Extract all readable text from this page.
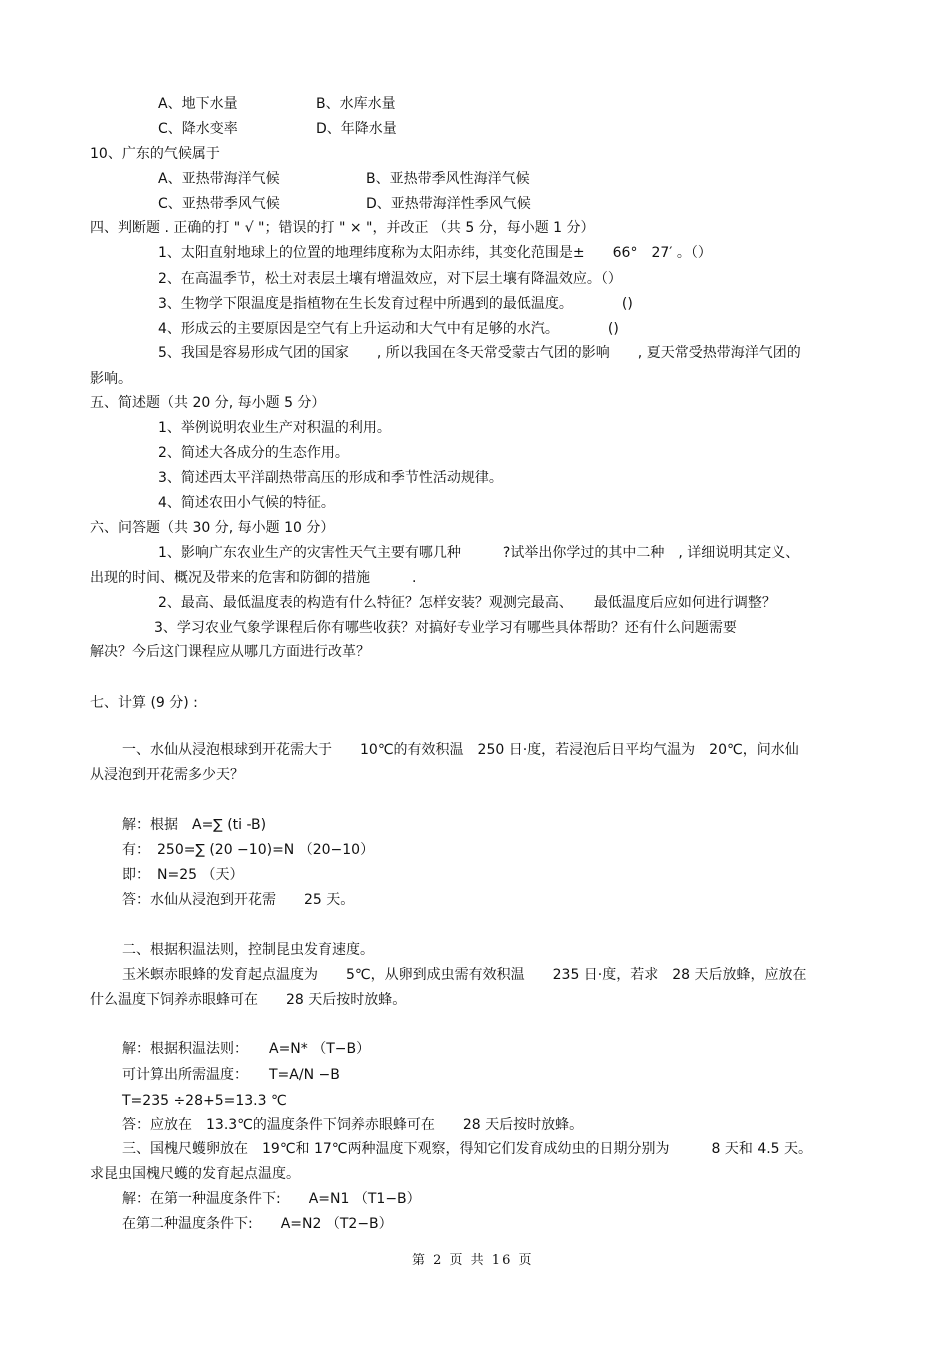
A、地下水量	B、水库水量
C、降水变率	D、年降水量
10、广东的气候属于
A、亚热带海洋气候	B、亚热带季风性海洋气候
C、亚热带季风气候	D、亚热带海洋性季风气候
四、判断题 . 正确的打 " √ "；错误的打 " × "，并改正 （共 5 分，每小题 1 分）
1、太阳直射地球上的位置的地理纬度称为太阳赤纬，其变化范围是±　　66°　27′ 。（）
2、在高温季节，松土对表层土壤有增温效应，对下层土壤有降温效应。（）
3、生物学下限温度是指植物在生长发育过程中所遇到的最低温度。　　　　()
4、形成云的主要原因是空气有上升运动和大气中有足够的水汽。　　　　()
5、我国是容易形成气团的国家　　, 所以我国在冬天常受蒙古气团的影响　　, 夏天常受热带海洋气团的
影响。
五、简述题（共 20 分, 每小题 5 分）
1、举例说明农业生产对积温的利用。
2、简述大各成分的生态作用。
3、简述西太平洋副热带高压的形成和季节性活动规律。
4、简述农田小气候的特征。
六、问答题（共 30 分, 每小题 10 分）
1、影响广东农业生产的灾害性天气主要有哪几种　　　?试举出你学过的其中二种　, 详细说明其定义、
出现的时间、概况及带来的危害和防御的措施　　　.
2、最高、最低温度表的构造有什么特征？怎样安装？观测完最高、　　最低温度后应如何进行调整？
3、学习农业气象学课程后你有哪些收获？对搞好专业学习有哪些具体帮助？还有什么问题需要
解决？今后这门课程应从哪几方面进行改革？
七、计算 (9 分) :
一、水仙从浸泡根球到开花需大于　　10℃的有效积温　250 日·度，若浸泡后日平均气温为　20℃，问水仙
从浸泡到开花需多少天？
解：根据　A=∑ (ti -B)
有：　250=∑ (20 −10)=N （20−10）
即：　N=25 （天）
答：水仙从浸泡到开花需　　25 天。
二、根据积温法则，控制昆虫发育速度。
玉米螟赤眼蜂的发育起点温度为　　5℃，从卵到成虫需有效积温　　235 日·度，若求　28 天后放蜂，应放在
什么温度下饲养赤眼蜂可在　　28 天后按时放蜂。
解：根据积温法则：　　A=N* （T−B）
可计算出所需温度：　　T=A/N −B
T=235 ÷28+5=13.3 ℃
答：应放在　13.3℃的温度条件下饲养赤眼蜂可在　　28 天后按时放蜂。
三、国槐尺蠖卵放在　19℃和 17℃两种温度下观察，得知它们发育成幼虫的日期分别为　　　8 天和 4.5 天。
求昆虫国槐尺蠖的发育起点温度。
解：在第一种温度条件下:　　A=N1 （T1−B）
在第二种温度条件下:　　A=N2 （T2−B）
第 2 页 共 16 页
